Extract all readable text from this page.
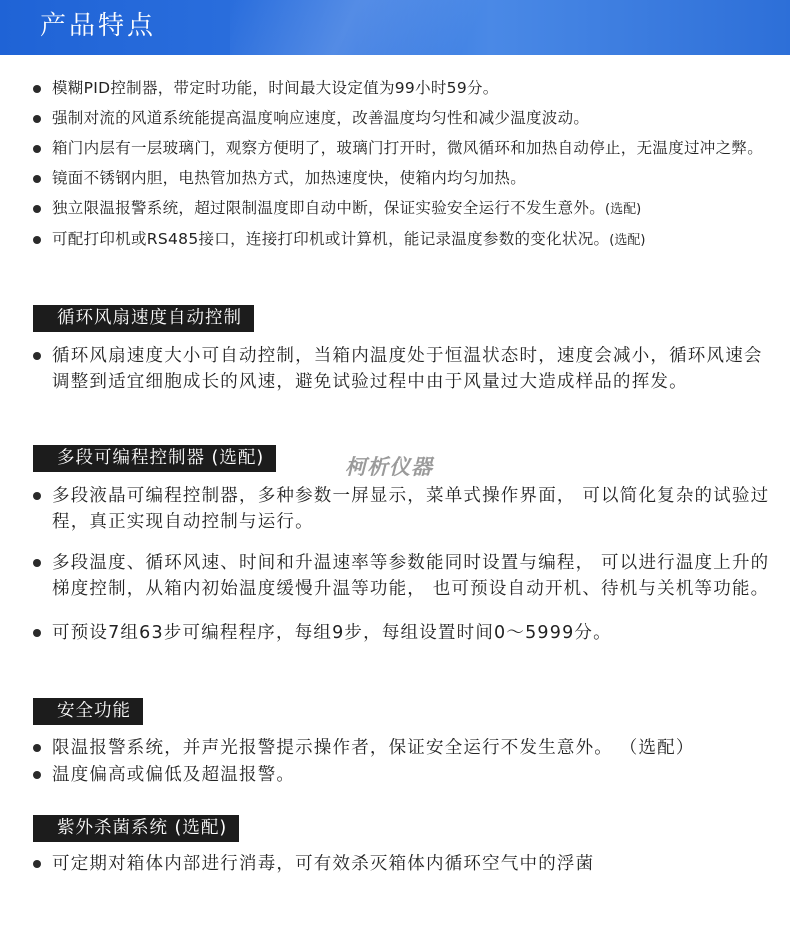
产品特点
模糊PID控制器，带定时功能，时间最大设定值为99小时59分。
强制对流的风道系统能提高温度响应速度，改善温度均匀性和减少温度波动。
箱门内层有一层玻璃门，观察方便明了，玻璃门打开时，微风循环和加热自动停止，无温度过冲之弊。
镜面不锈钢内胆，电热管加热方式，加热速度快，使箱内均匀加热。
独立限温报警系统，超过限制温度即自动中断，保证实验安全运行不发生意外。(选配)
可配打印机或RS485接口，连接打印机或计算机，能记录温度参数的变化状况。(选配)
循环风扇速度自动控制
循环风扇速度大小可自动控制，当箱内温度处于恒温状态时，速度会减小，循环风速会调整到适宜细胞成长的风速，避免试验过程中由于风量过大造成样品的挥发。
多段可编程控制器 (选配)	柯析仪器
多段液晶可编程控制器，多种参数一屏显示，菜单式操作界面， 可以简化复杂的试验过程，真正实现自动控制与运行。
多段温度、循环风速、时间和升温速率等参数能同时设置与编程， 可以进行温度上升的梯度控制，从箱内初始温度缓慢升温等功能， 也可预设自动开机、待机与关机等功能。
可预设7组63步可编程程序，每组9步，每组设置时间0～5999分。
安全功能
限温报警系统，并声光报警提示操作者，保证安全运行不发生意外。 （选配）
温度偏高或偏低及超温报警。
紫外杀菌系统 (选配)
可定期对箱体内部进行消毒，可有效杀灭箱体内循环空气中的浮菌
